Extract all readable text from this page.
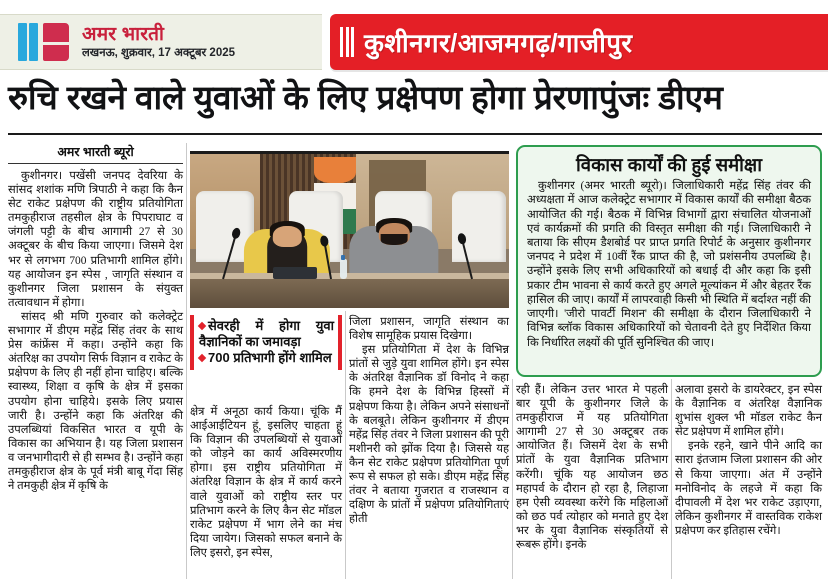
अमर भारती
लखनऊ, शुक्रवार, 17 अक्टूबर 2025	कुशीनगर/आजमगढ़/गाजीपुर
रुचि रखने वाले युवाओं के लिए प्रक्षेपण होगा प्रेरणापुंजः डीएम
अमर भारती ब्यूरो

कुशीनगर। पखेंसी जनपद देवरिया के सांसद शशांक मणि त्रिपाठी ने कहा कि कैन सेट राकेट प्रक्षेपण की राष्ट्रीय प्रतियोगिता तमकुहीराज तहसील क्षेत्र के पिपराघाट व जंगली पट्टी के बीच आगामी 27 से 30 अक्टूबर के बीच किया जाएगा। जिसमे देश भर से लगभग 700 प्रतिभागी शामिल होंगे। यह आयोजन इन स्पेस , जागृति संस्थान व कुशीनगर जिला प्रशासन के संयुक्त तत्वावधान में होगा।

सांसद श्री मणि गुरुवार को कलेक्ट्रेट सभागार में डीएम महेंद्र सिंह तंवर के साथ प्रेस कांफ्रेंस में कहा। उन्होंने कहा कि अंतरिक्ष का उपयोग सिर्फ विज्ञान व राकेट के प्रक्षेपण के लिए ही नहीं होना चाहिए। बल्कि स्वास्थ्य, शिक्षा व कृषि के क्षेत्र में इसका उपयोग होना चाहिये। इसके लिए प्रयास जारी है। उन्होंने कहा कि अंतरिक्ष की उपलब्धियां विकसित भारत व यूपी के विकास का अभियान है। यह जिला प्रशासन व जनभागीदारी से ही सम्भव है। उन्होंने कहा तमकुहीराज क्षेत्र के पूर्व मंत्री बाबू गेंदा सिंह ने तमकुही क्षेत्र में कृषि के

सेवरही में होगा युवा वैज्ञानिकों का जमावड़ा
700 प्रतिभागी होंगे शामिल

क्षेत्र में अनूठा कार्य किया। चूंकि मैं आईआईटियन हूं, इसलिए चाहता हूं कि विज्ञान की उपलब्धियों से युवाओं को जोड़ने का कार्य अविस्मरणीय होगा। इस राष्ट्रीय प्रतियोगिता में अंतरिक्ष विज्ञान के क्षेत्र में कार्य करने वाले युवाओं को राष्ट्रीय स्तर पर प्रतिभाग करने के लिए कैन सेट मॉडल राकेट प्रक्षेपण में भाग लेने का मंच दिया जायेग। जिसको सफल बनाने के लिए इसरो, इन स्पेस,

जिला प्रशासन, जागृति संस्थान का विशेष सामूहिक प्रयास दिखेगा।

इस प्रतियोगिता में देश के विभिन्न प्रांतों से जुड़े युवा शामिल होंगे। इन स्पेस के अंतरिक्ष वैज्ञानिक डॉ विनोद ने कहा कि हमने देश के विभिन्न हिस्सों में प्रक्षेपण किया है। लेकिन अपने संसाधनों के बलबूते। लेकिन कुशीनगर में डीएम महेंद्र सिंह तंवर ने जिला प्रशासन की पूरी मशीनरी को झोंक दिया है। जिससे यह कैन सेट राकेट प्रक्षेपण प्रतियोगिता पूर्ण रूप से सफल हो सके। डीएम महेंद्र सिंह तंवर ने बताया गुजरात व राजस्थान व दक्षिण के प्रांतों में प्रक्षेपण प्रतियोगिताएं होती

विकास कार्यों की हुई समीक्षा

कुशीनगर (अमर भारती ब्यूरो)। जिलाधिकारी महेंद्र सिंह तंवर की अध्यक्षता में आज कलेक्ट्रेट सभागार में विकास कार्यों की समीक्षा बैठक आयोजित की गई। बैठक में विभिन्न विभागों द्वारा संचालित योजनाओं एवं कार्यक्रमों की प्रगति की विस्तृत समीक्षा की गई। जिलाधिकारी ने बताया कि सीएम डैशबोर्ड पर प्राप्त प्रगति रिपोर्ट के अनुसार कुशीनगर जनपद ने प्रदेश में 10वीं रैंक प्राप्त की है, जो प्रशंसनीय उपलब्धि है। उन्होंने इसके लिए सभी अधिकारियों को बधाई दी और कहा कि इसी प्रकार टीम भावना से कार्य करते हुए अगले मूल्यांकन में और बेहतर रैंक हासिल की जाए। कार्यों में लापरवाही किसी भी स्थिति में बर्दाश्त नहीं की जाएगी। 'जीरो पावर्टी मिशन' की समीक्षा के दौरान जिलाधिकारी ने विभिन्न ब्लॉक विकास अधिकारियों को चेतावनी देते हुए निर्देशित किया कि निर्धारित लक्ष्यों की पूर्ति सुनिश्चित की जाए।

रही हैं। लेकिन उत्तर भारत मे पहली बार यूपी के कुशीनगर जिले के तमकुहीराज में यह प्रतियोगिता आगामी 27 से 30 अक्टूबर तक आयोजित हैं। जिसमें देश के सभी प्रांतों के युवा वैज्ञानिक प्रतिभाग करेंगी। चूंकि यह आयोजन छठ महापर्व के दौरान हो रहा है, लिहाजा हम ऐसी व्यवस्था करेंगे कि महिलाओं को छठ पर्व त्योहार को मनाते हुए देश भर के युवा वैज्ञानिक संस्कृतियों से रूबरू होंगे। इनके

अलावा इसरो के डायरेक्टर, इन स्पेस के वैज्ञानिक व अंतरिक्ष वैज्ञानिक शुभांस शुक्ल भी मॉडल राकेट कैन सेट प्रक्षेपण में शामिल होंगे।

इनके रहने, खाने पीने आदि का सारा इंतजाम जिला प्रशासन की ओर से किया जाएगा। अंत में उन्होंने मनोविनोद के लहजे में कहा कि दीपावली में देश भर राकेट उड़ाएगा, लेकिन कुशीनगर में वास्तविक राकेश प्रक्षेपण कर इतिहास रचेंगे।
